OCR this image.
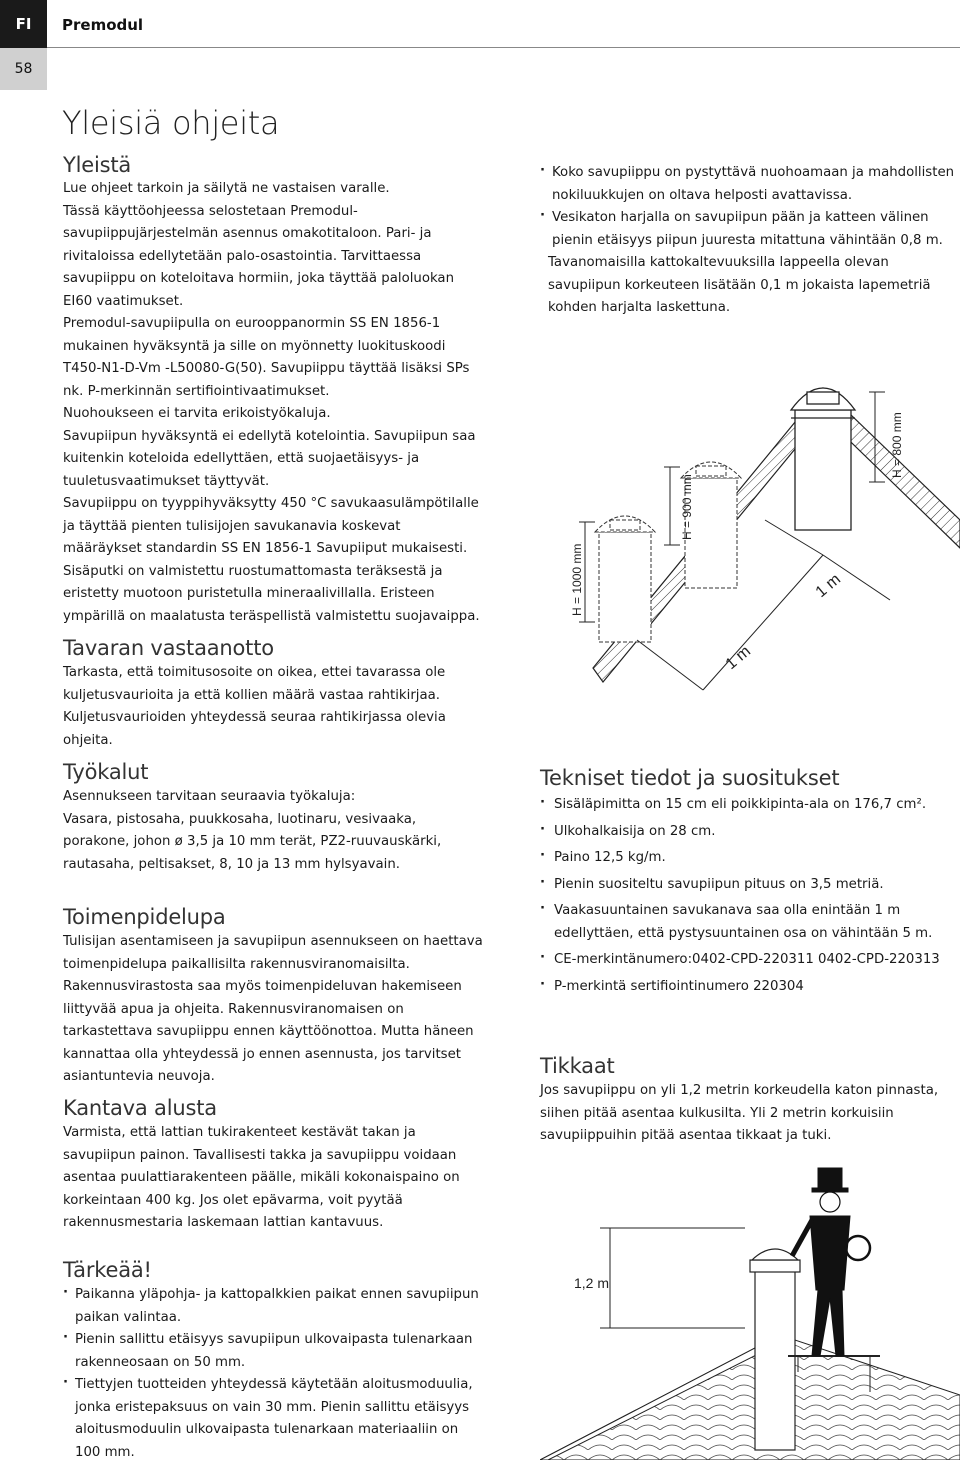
FI Premodul
58
Yleisiä ohjeita
Yleistä

Lue ohjeet tarkoin ja säilytä ne vastaisen varalle.

Tässä käyttöohjeessa selostetaan Premodul-savupiippujärjestelmän asennus omakotitaloon. Pari- ja rivitaloissa edellytetään palo-osastointia. Tarvittaessa savupiippu on koteloitava hormiin, joka täyttää paloluokan EI60 vaatimukset.

Premodul-savupiipulla on eurooppanormin SS EN 1856-1 mukainen hyväksyntä ja sille on myönnetty luokituskoodi T450-N1-D-Vm -L50080-G(50). Savupiippu täyttää lisäksi SPs nk. P-merkinnän sertifiointivaatimukset.

Nuohoukseen ei tarvita erikoistyökaluja.

Savupiipun hyväksyntä ei edellytä kotelointia. Savupiipun saa kuitenkin koteloida edellyttäen, että suojaetäisyys- ja tuuletusvaatimukset täyttyvät.

Savupiippu on tyyppihyväksytty 450 °C savukaasulämpötilalle ja täyttää pienten tulisijojen savukanavia koskevat määräykset standardin SS EN 1856-1 Savupiiput mukaisesti.

Sisäputki on valmistettu ruostumattomasta teräksestä ja eristetty muotoon puristetulla mineraalivillalla. Eristeen ympärillä on maalatusta teräspellistä valmistettu suojavaippa.

· Koko savupiippu on pystyttävä nuohoamaan ja mahdollisten nokiluukkujen on oltava helposti avattavissa.
· Vesikaton harjalla on savupiipun pään ja katteen välinen pienin etäisyys piipun juuresta mitattuna vähintään 0,8 m.

Tavanomaisilla kattokaltevuuksilla lappeella olevan savupiipun korkeuteen lisätään 0,1 m jokaista lapemetriä kohden harjalta laskettuna.

H = 1000 mm
H = 900 mm
H = 800 mm
1 m
1 m
Tavaran vastaanotto
Tarkasta, että toimitusosoite on oikea, ettei tavarassa ole kuljetusvaurioita ja että kollien määrä vastaa rahtikirjaa. Kuljetusvaurioiden yhteydessä seuraa rahtikirjassa olevia ohjeita.
Työkalut

Asennukseen tarvitaan seuraavia työkaluja:

Vasara, pistosaha, puukkosaha, luotinaru, vesivaaka, porakone, johon ø 3,5 ja 10 mm terät, PZ2-ruuvauskärki, rautasaha, peltisakset, 8, 10 ja 13 mm hylsyavain.

Toimenpidelupa
Tulisijan asentamiseen ja savupiipun asennukseen on haettava toimenpidelupa paikallisilta rakennusviranomaisilta. Rakennusvirastosta saa myös toimenpideluvan hakemiseen liittyvää apua ja ohjeita. Rakennusviranomaisen on tarkastettava savupiippu ennen käyttöönottoa. Mutta häneen kannattaa olla yhteydessä jo ennen asennusta, jos tarvitset asiantuntevia neuvoja.
Kantava alusta
Varmista, että lattian tukirakenteet kestävät takan ja savupiipun painon. Tavallisesti takka ja savupiippu voidaan asentaa puulattiarakenteen päälle, mikäli kokonaispaino on korkeintaan 400 kg. Jos olet epävarma, voit pyytää rakennusmestaria laskemaan lattian kantavuus.
Tärkeää!
· Paikanna yläpohja- ja kattopalkkien paikat ennen savupiipun paikan valintaa.
· Pienin sallittu etäisyys savupiipun ulkovaipasta tulenarkaan rakenneosaan on 50 mm.
· Tiettyjen tuotteiden yhteydessä käytetään aloitusmoduulia, jonka eristepaksuus on vain 30 mm. Pienin sallittu etäisyys aloitusmoduulin ulkovaipasta tulenarkaan materiaaliin on 100 mm.
Tekniset tiedot ja suositukset
· Sisäläpimitta on 15 cm eli poikkipinta-ala on 176,7 cm².
· Ulkohalkaisija on 28 cm.
· Paino 12,5 kg/m.
· Pienin suositeltu savupiipun pituus on 3,5 metriä.
· Vaakasuuntainen savukanava saa olla enintään 1 m edellyttäen, että pystysuuntainen osa on vähintään 5 m.
· CE-merkintänumero:0402-CPD-220311 0402-CPD-220313
· P-merkintä sertifiointinumero 220304
Tikkaat
Jos savupiippu on yli 1,2 metrin korkeudella katon pinnasta, siihen pitää asentaa kulkusilta. Yli 2 metrin korkuisiin savupiippuihin pitää asentaa tikkaat ja tuki.
1,2 m
